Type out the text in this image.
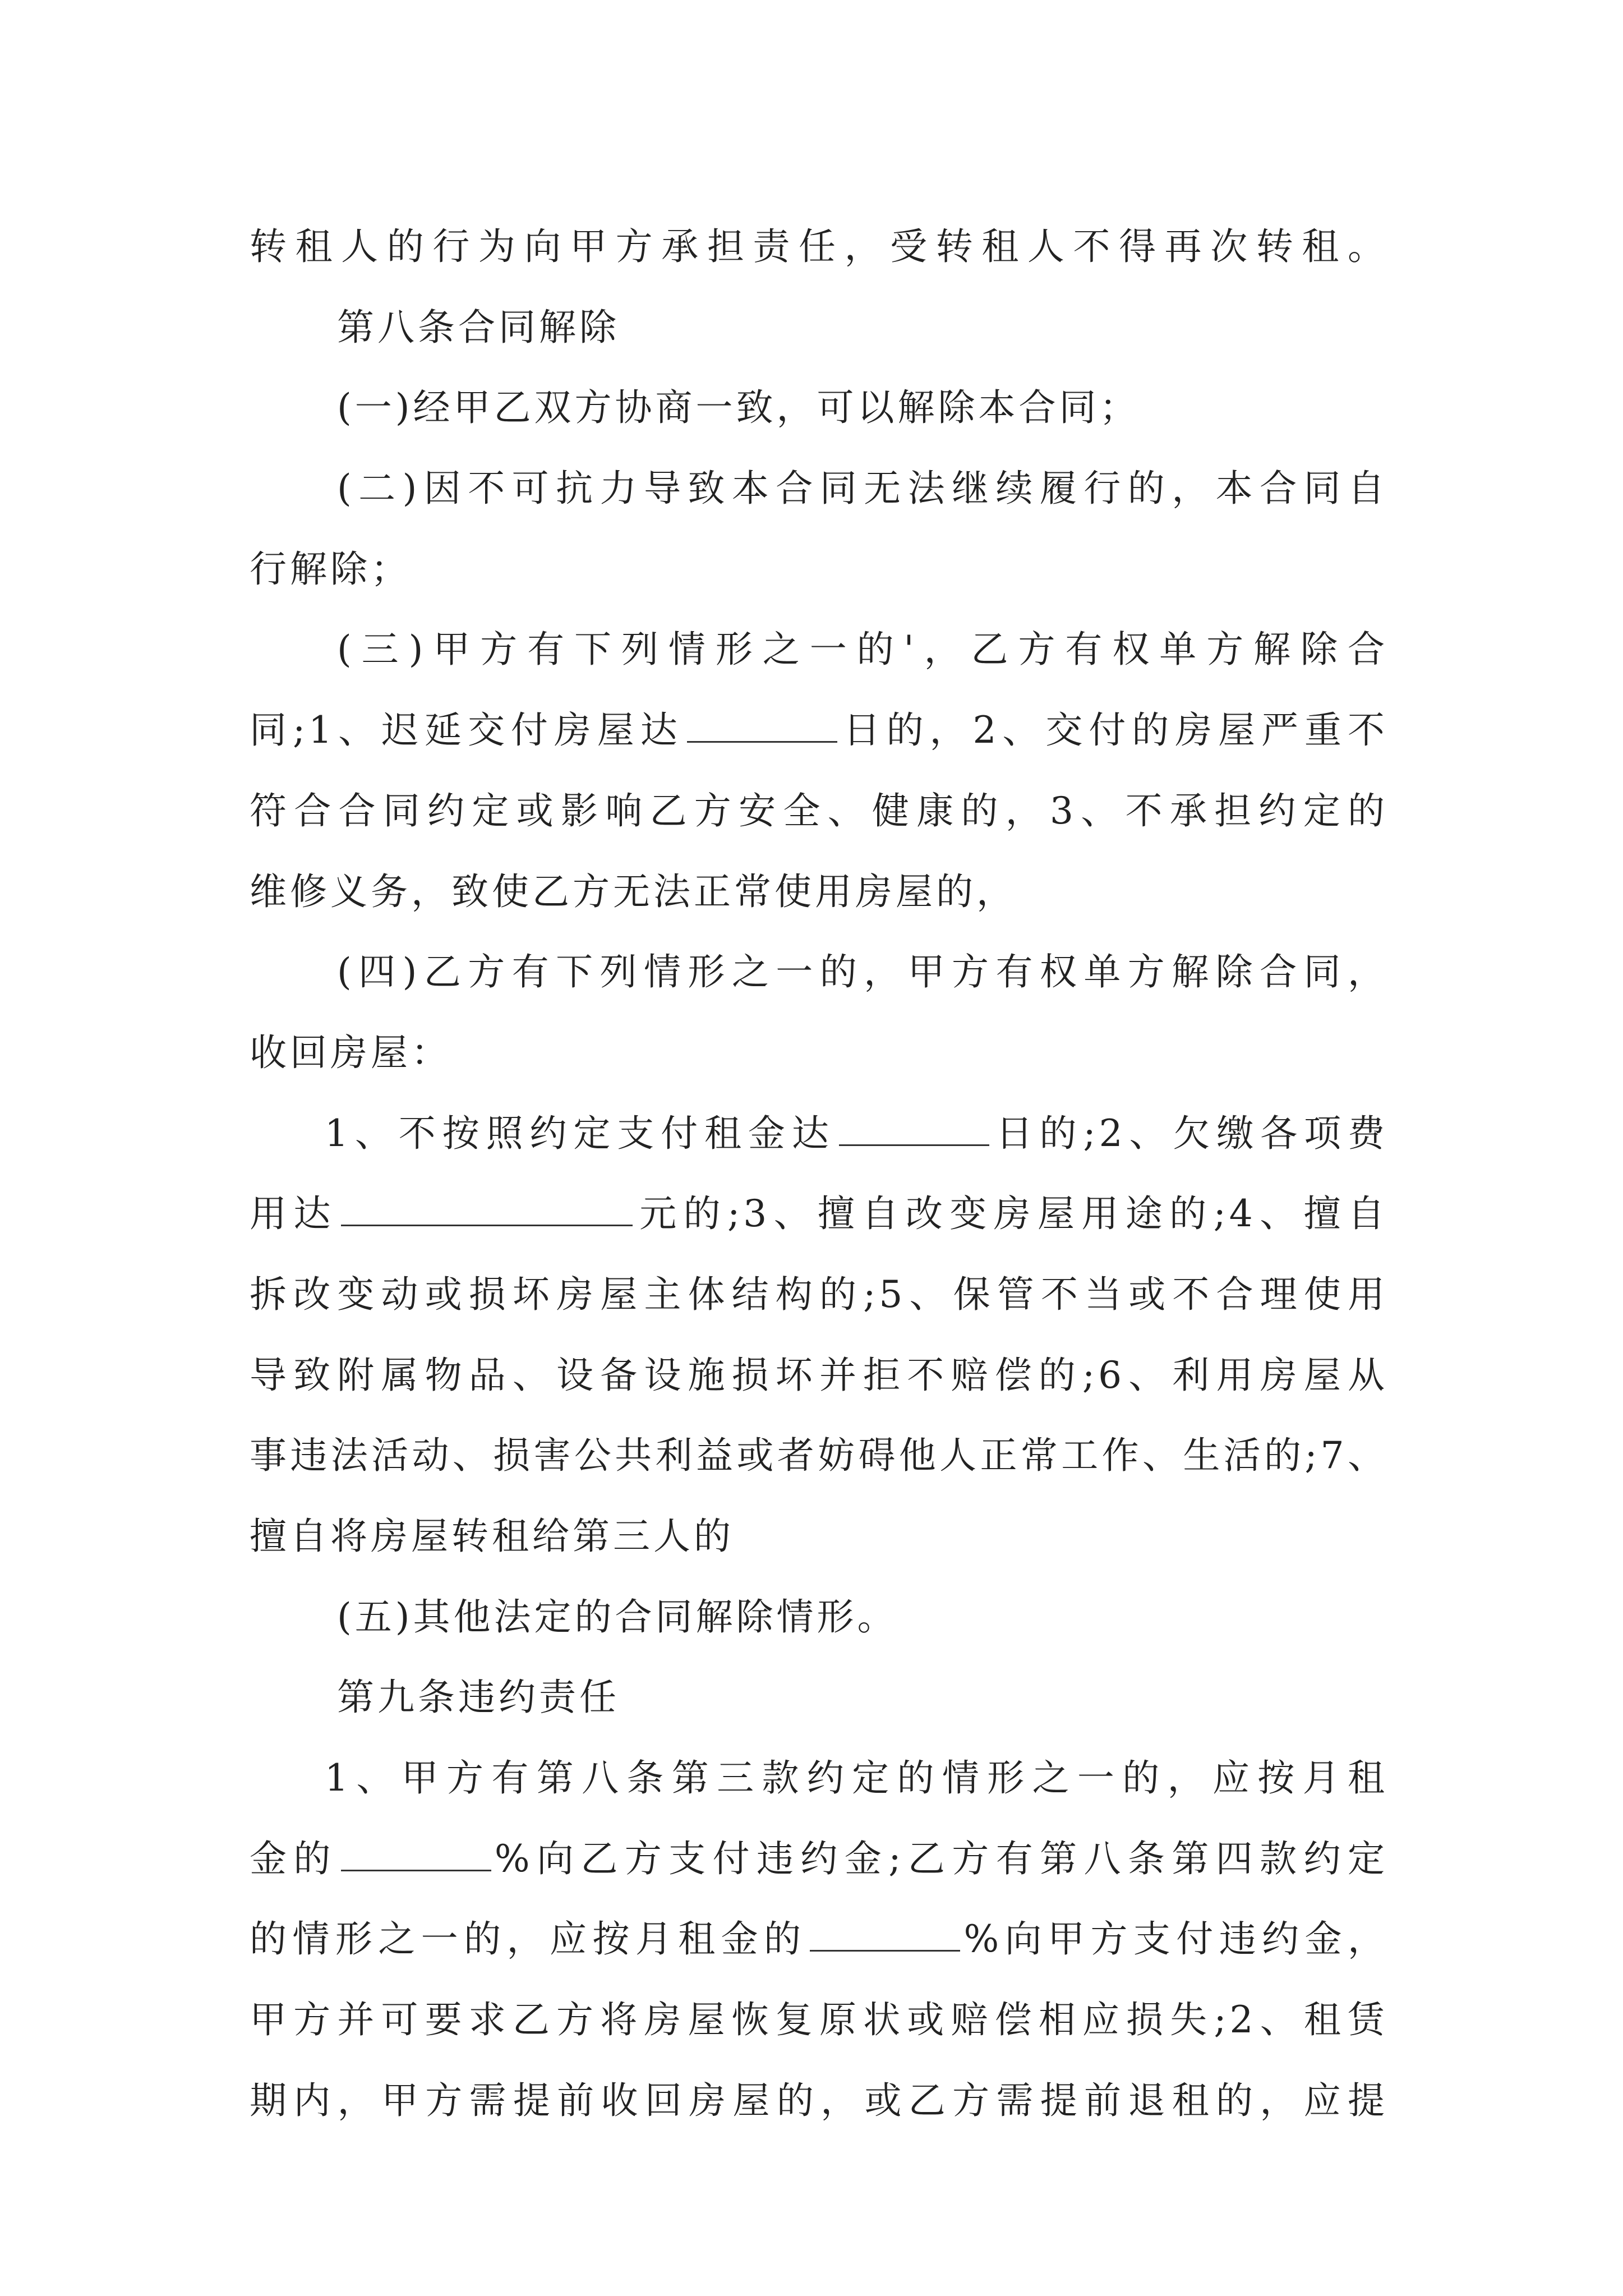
转租人的行为向甲方承担责任，受转租人不得再次转租。
第八条合同解除
(一)经甲乙双方协商一致，可以解除本合同；
(二)因不可抗力导致本合同无法继续履行的，本合同自
行解除；
(三)甲方有下列情形之一的'，乙方有权单方解除合
同;1、迟延交付房屋达	日的，2、交付的房屋严重不
符合合同约定或影响乙方安全、健康的，3、不承担约定的
维修义务，致使乙方无法正常使用房屋的，
(四)乙方有下列情形之一的，甲方有权单方解除合同，
收回房屋：
1、不按照约定支付租金达	日的;2、欠缴各项费
用达	元的;3、擅自改变房屋用途的;4、擅自
拆改变动或损坏房屋主体结构的;5、保管不当或不合理使用
导致附属物品、设备设施损坏并拒不赔偿的;6、利用房屋从
事违法活动、损害公共利益或者妨碍他人正常工作、生活的;7、
擅自将房屋转租给第三人的
(五)其他法定的合同解除情形。
第九条违约责任
1、甲方有第八条第三款约定的情形之一的，应按月租
金的	%向乙方支付违约金;乙方有第八条第四款约定
的情形之一的，应按月租金的	%向甲方支付违约金，
甲方并可要求乙方将房屋恢复原状或赔偿相应损失;2、租赁
期内，甲方需提前收回房屋的，或乙方需提前退租的，应提
